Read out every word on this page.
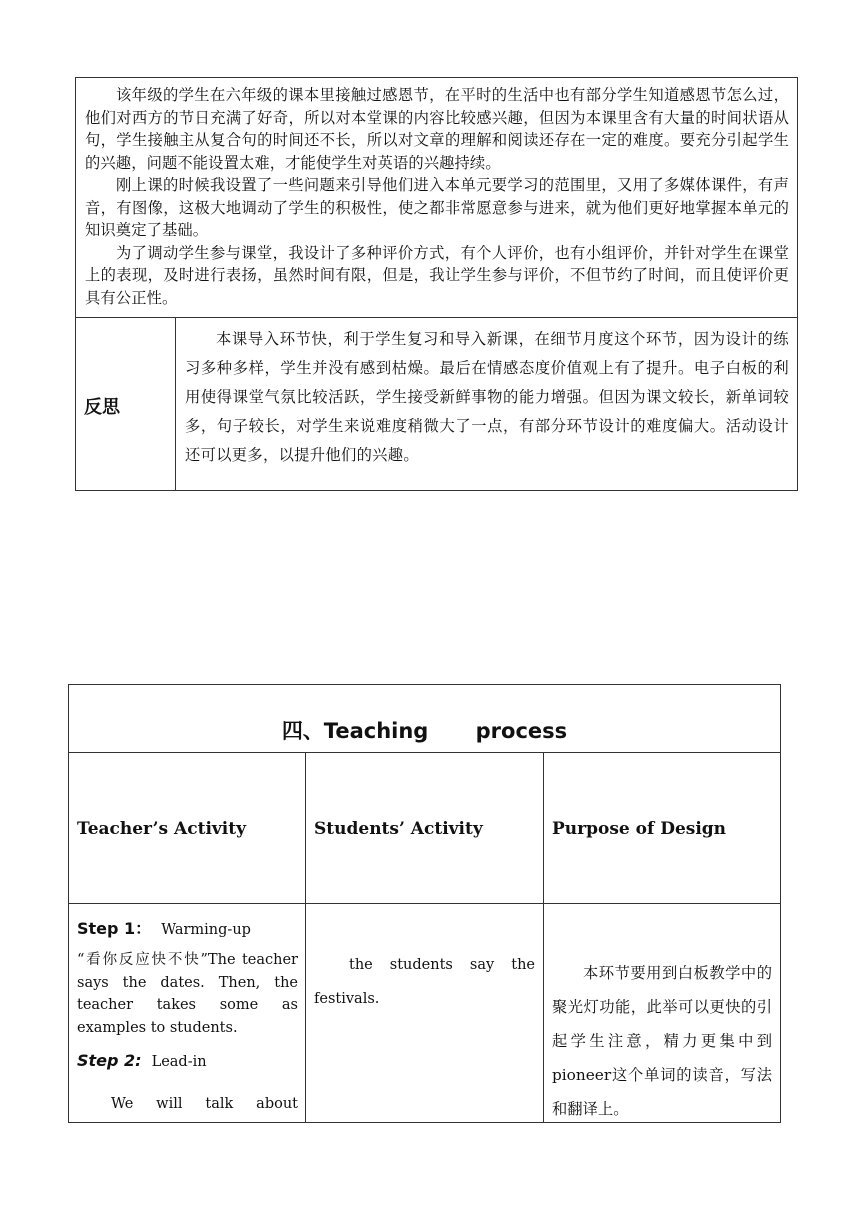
该年级的学生在六年级的课本里接触过感恩节，在平时的生活中也有部分学生知道感恩节怎么过，他们对西方的节日充满了好奇，所以对本堂课的内容比较感兴趣，但因为本课里含有大量的时间状语从句，学生接触主从复合句的时间还不长，所以对文章的理解和阅读还存在一定的难度。要充分引起学生的兴趣，问题不能设置太难，才能使学生对英语的兴趣持续。

刚上课的时候我设置了一些问题来引导他们进入本单元要学习的范围里，又用了多媒体课件，有声音，有图像，这极大地调动了学生的积极性，使之都非常愿意参与进来，就为他们更好地掌握本单元的知识奠定了基础。

为了调动学生参与课堂，我设计了多种评价方式，有个人评价，也有小组评价，并针对学生在课堂上的表现，及时进行表扬，虽然时间有限，但是，我让学生参与评价，不但节约了时间，而且使评价更具有公正性。

反思

本课导入环节快，利于学生复习和导入新课，在细节月度这个环节，因为设计的练习多种多样，学生并没有感到枯燥。最后在情感态度价值观上有了提升。电子白板的利用使得课堂气氛比较活跃，学生接受新鲜事物的能力增强。但因为课文较长，新单词较多，句子较长，对学生来说难度稍微大了一点，有部分环节设计的难度偏大。活动设计还可以更多，以提升他们的兴趣。

四、Teaching process
Teacher’s Activity	Students’ Activity	Purpose of Design
Step 1： Warming-up
“看你反应快不快”The teacher says the dates. Then, the teacher takes some as examples to students.
Step 2: Lead-in
We will talk about
the students say the festivals.
本环节要用到白板教学中的聚光灯功能，此举可以更快的引起学生注意，精力更集中到pioneer这个单词的读音，写法和翻译上。
